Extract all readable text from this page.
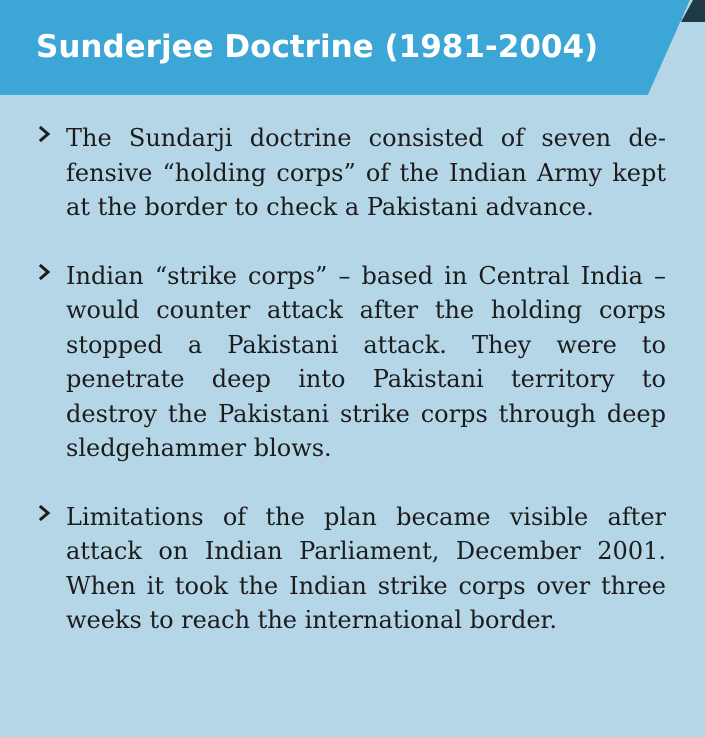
Sunderjee Doctrine (1981-2004)
The Sundarji doctrine consisted of seven defensive “holding corps” of the Indian Army kept at the border to check a Pakistani advance.
Indian “strike corps” – based in Central India – would counter attack after the holding corps stopped a Pakistani attack. They were to penetrate deep into Pakistani territory to destroy the Pakistani strike corps through deep sledgehammer blows.
Limitations of the plan became visible after attack on Indian Parliament, December 2001. When it took the Indian strike corps over three weeks to reach the international border.
